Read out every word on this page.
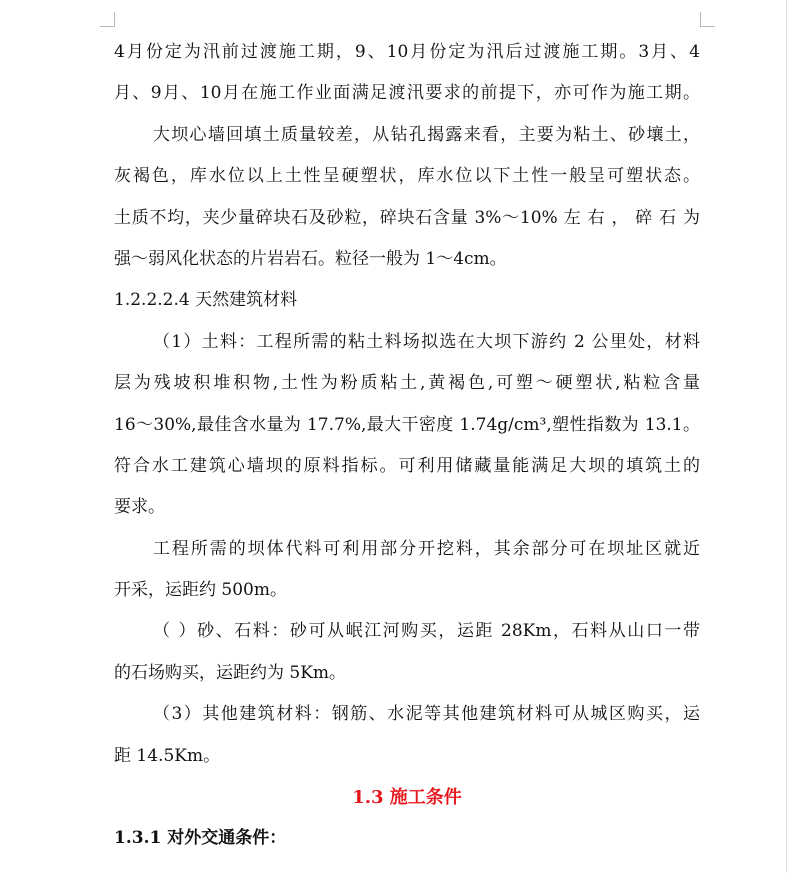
4月份定为汛前过渡施工期，9、10月份定为汛后过渡施工期。3月、4
月、9月、10月在施工作业面满足渡汛要求的前提下，亦可作为施工期。
大坝心墙回填土质量较差，从钻孔揭露来看，主要为粘土、砂壤土，
灰褐色，库水位以上土性呈硬塑状，库水位以下土性一般呈可塑状态。
土质不均，夹少量碎块石及砂粒，碎块石含量 3%～10% 左 右 ， 碎 石 为
强～弱风化状态的片岩岩石。粒径一般为 1～4cm。
1.2.2.2.4 天然建筑材料
（1）土料：工程所需的粘土料场拟选在大坝下游约 2 公里处，材料
层为残坡积堆积物,土性为粉质粘土,黄褐色,可塑～硬塑状,粘粒含量
16～30%,最佳含水量为 17.7%,最大干密度 1.74g/cm³,塑性指数为 13.1。
符合水工建筑心墙坝的原料指标。可利用储藏量能满足大坝的填筑土的
要求。
工程所需的坝体代料可利用部分开挖料，其余部分可在坝址区就近
开采，运距约 500m。
（ ）砂、石料：砂可从岷江河购买，运距 28Km，石料从山口一带
的石场购买，运距约为 5Km。
（3）其他建筑材料：钢筋、水泥等其他建筑材料可从城区购买，运
距 14.5Km。
1.3 施工条件
1.3.1 对外交通条件：
